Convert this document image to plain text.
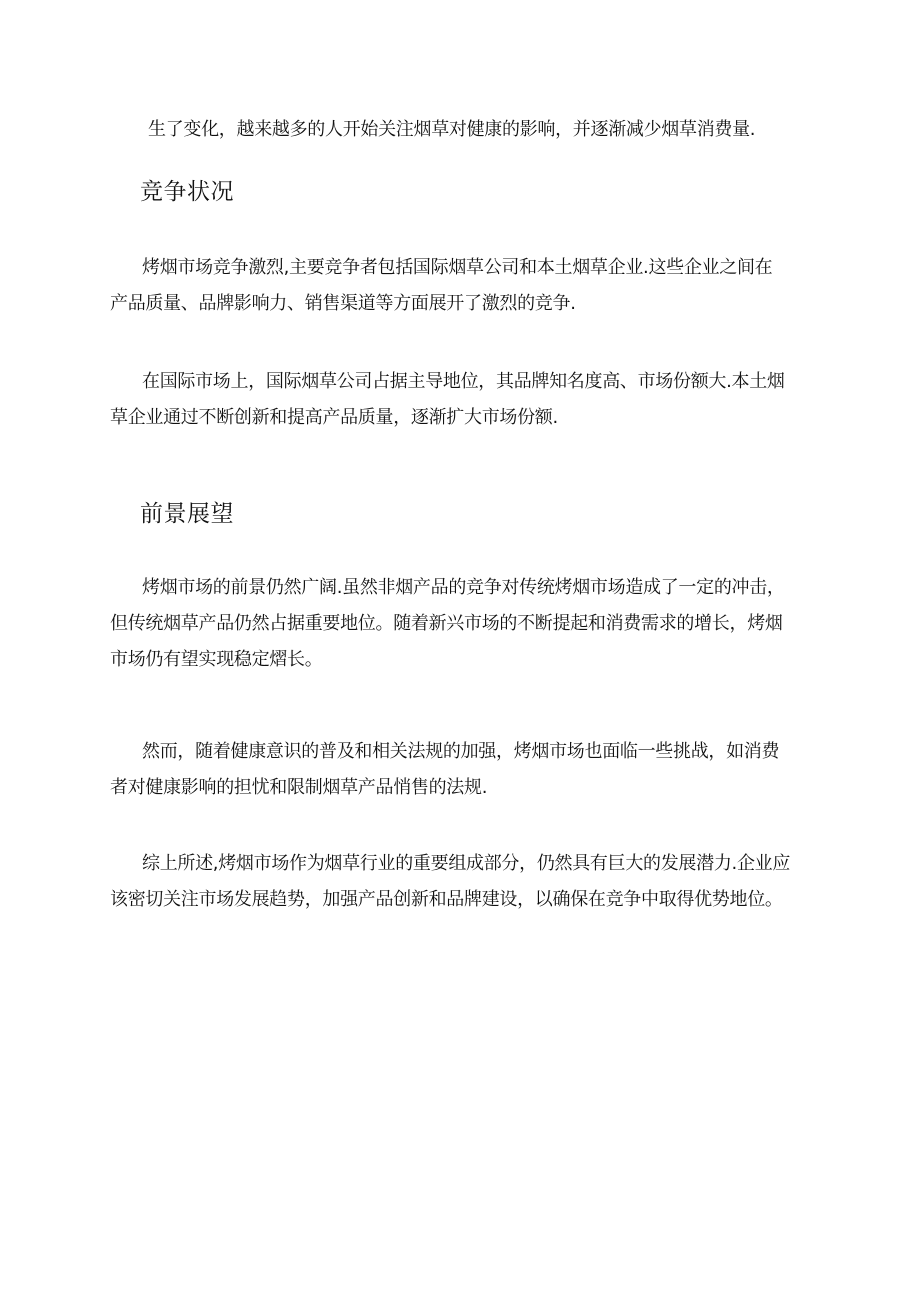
生了变化，越来越多的人开始关注烟草对健康的影响，并逐渐减少烟草消费量.
竞争状况
烤烟市场竞争激烈,主要竞争者包括国际烟草公司和本土烟草企业.这些企业之间在
产品质量、品牌影响力、销售渠道等方面展开了激烈的竞争.
在国际市场上，国际烟草公司占据主导地位，其品牌知名度高、市场份额大.本土烟
草企业通过不断创新和提高产品质量，逐渐扩大市场份额.
前景展望
烤烟市场的前景仍然广阔.虽然非烟产品的竞争对传统烤烟市场造成了一定的冲击，
但传统烟草产品仍然占据重要地位。随着新兴市场的不断提起和消费需求的增长，烤烟
市场仍有望实现稳定熠长。
然而，随着健康意识的普及和相关法规的加强，烤烟市场也面临一些挑战，如消费
者对健康影响的担忧和限制烟草产品悄售的法规.
综上所述,烤烟市场作为烟草行业的重要组成部分，仍然具有巨大的发展潜力.企业应
该密切关注市场发展趋势，加强产品创新和品牌建设，以确保在竞争中取得优势地位。
